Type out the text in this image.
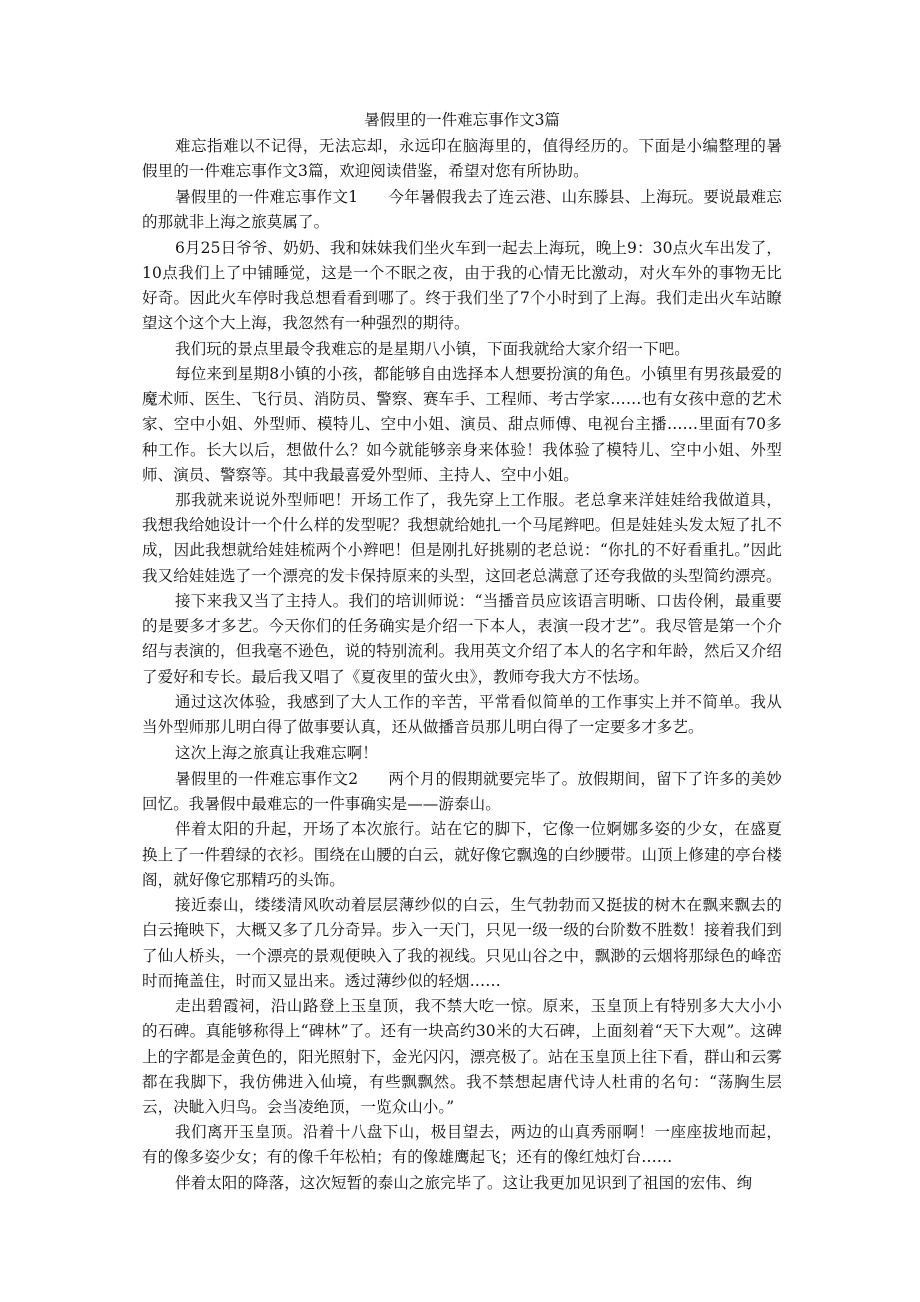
暑假里的一件难忘事作文3篇

难忘指难以不记得，无法忘却，永远印在脑海里的，值得经历的。下面是小编整理的暑假里的一件难忘事作文3篇，欢迎阅读借鉴，希望对您有所协助。

暑假里的一件难忘事作文1 今年暑假我去了连云港、山东滕县、上海玩。要说最难忘的那就非上海之旅莫属了。

6月25日爷爷、奶奶、我和妹妹我们坐火车到一起去上海玩，晚上9：30点火车出发了，10点我们上了中铺睡觉，这是一个不眠之夜，由于我的心情无比激动，对火车外的事物无比好奇。因此火车停时我总想看看到哪了。终于我们坐了7个小时到了上海。我们走出火车站瞭望这个这个大上海，我忽然有一种强烈的期待。

我们玩的景点里最令我难忘的是星期八小镇，下面我就给大家介绍一下吧。

每位来到星期8小镇的小孩，都能够自由选择本人想要扮演的角色。小镇里有男孩最爱的魔术师、医生、飞行员、消防员、警察、赛车手、工程师、考古学家……也有女孩中意的艺术家、空中小姐、外型师、模特儿、空中小姐、演员、甜点师傅、电视台主播……里面有70多种工作。长大以后，想做什么？如今就能够亲身来体验！我体验了模特儿、空中小姐、外型师、演员、警察等。其中我最喜爱外型师、主持人、空中小姐。

那我就来说说外型师吧！开场工作了，我先穿上工作服。老总拿来洋娃娃给我做道具，我想我给她设计一个什么样的发型呢？我想就给她扎一个马尾辫吧。但是娃娃头发太短了扎不成，因此我想就给娃娃梳两个小辫吧！但是刚扎好挑剔的老总说：“你扎的不好看重扎。”因此我又给娃娃选了一个漂亮的发卡保持原来的头型，这回老总满意了还夸我做的头型简约漂亮。

接下来我又当了主持人。我们的培训师说：“当播音员应该语言明晰、口齿伶俐，最重要的是要多才多艺。今天你们的任务确实是介绍一下本人，表演一段才艺”。我尽管是第一个介绍与表演的，但我毫不逊色，说的特别流利。我用英文介绍了本人的名字和年龄，然后又介绍了爱好和专长。最后我又唱了《夏夜里的萤火虫》，教师夸我大方不怯场。

通过这次体验，我感到了大人工作的辛苦，平常看似简单的工作事实上并不简单。我从当外型师那儿明白得了做事要认真，还从做播音员那儿明白得了一定要多才多艺。

这次上海之旅真让我难忘啊！

暑假里的一件难忘事作文2 两个月的假期就要完毕了。放假期间，留下了许多的美妙回忆。我暑假中最难忘的一件事确实是——游泰山。

伴着太阳的升起，开场了本次旅行。站在它的脚下，它像一位婀娜多姿的少女，在盛夏换上了一件碧绿的衣衫。围绕在山腰的白云，就好像它飘逸的白纱腰带。山顶上修建的亭台楼阁，就好像它那精巧的头饰。

接近泰山，缕缕清风吹动着层层薄纱似的白云，生气勃勃而又挺拔的树木在飘来飘去的白云掩映下，大概又多了几分奇异。步入一天门，只见一级一级的台阶数不胜数！接着我们到了仙人桥头，一个漂亮的景观便映入了我的视线。只见山谷之中，飘渺的云烟将那绿色的峰峦时而掩盖住，时而又显出来。透过薄纱似的轻烟……

走出碧霞祠，沿山路登上玉皇顶，我不禁大吃一惊。原来，玉皇顶上有特别多大大小小的石碑。真能够称得上“碑林”了。还有一块高约30米的大石碑，上面刻着“天下大观”。这碑上的字都是金黄色的，阳光照射下，金光闪闪，漂亮极了。站在玉皇顶上往下看，群山和云雾都在我脚下，我仿佛进入仙境，有些飘飘然。我不禁想起唐代诗人杜甫的名句：“荡胸生层云，决眦入归鸟。会当凌绝顶，一览众山小。”

我们离开玉皇顶。沿着十八盘下山，极目望去，两边的山真秀丽啊！一座座拔地而起，有的像多姿少女；有的像千年松柏；有的像雄鹰起飞；还有的像红烛灯台……

伴着太阳的降落，这次短暂的泰山之旅完毕了。这让我更加见识到了祖国的宏伟、绚
